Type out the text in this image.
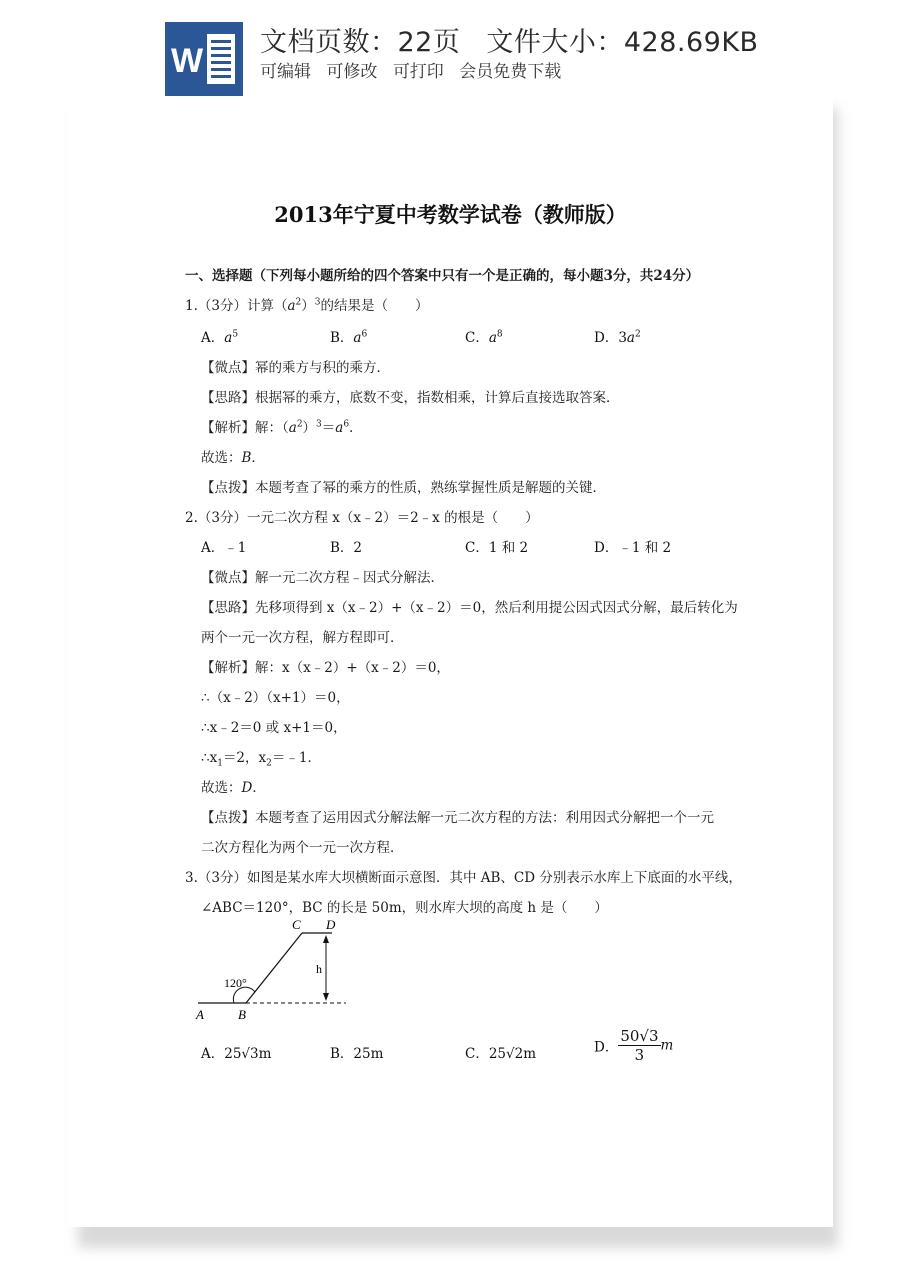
W 文档页数：22页 文件大小：428.69KB
可编辑 可修改 可打印 会员免费下载
2013年宁夏中考数学试卷（教师版）
一、选择题（下列每小题所给的四个答案中只有一个是正确的，每小题3分，共24分）
1.（3分）计算$(a^2)^3$的结果是（　　）
A．$a^5$	B．$a^6$	C．$a^8$	D．$3a^2$
【微点】幂的乘方与积的乘方．
【思路】根据幂的乘方，底数不变，指数相乘，计算后直接选取答案．
【解析】解：$(a^2)^3=a^6$．
故选：B．
【点拨】本题考查了幂的乘方的性质，熟练掌握性质是解题的关键．
2.（3分）一元二次方程 x（x﹣2）＝2﹣x 的根是（　　）
A．﹣1	B．2	C．1 和 2	D．﹣1 和 2
【微点】解一元二次方程﹣因式分解法．
【思路】先移项得到 x（x﹣2）+（x﹣2）＝0，然后利用提公因式因式分解，最后转化为
两个一元一次方程，解方程即可．
【解析】解：x（x﹣2）+（x﹣2）＝0，
∴（x﹣2）（x+1）＝0，
∴x﹣2＝0 或 x+1＝0，
$\therefore x_1=2$，$x_2=﹣1$．
故选：D．
【点拨】本题考查了运用因式分解法解一元二次方程的方法：利用因式分解把一个一元
二次方程化为两个一元一次方程．
3.（3分）如图是某水库大坝横断面示意图．其中 AB、CD 分别表示水库上下底面的水平线，
∠ABC＝120°，BC 的长是 50m，则水库大坝的高度 h 是（　　）
C D
h
120°
A	B
A．25√3m	B．25m	C．25√2m	D． $\frac{50√3}{3}$ m
